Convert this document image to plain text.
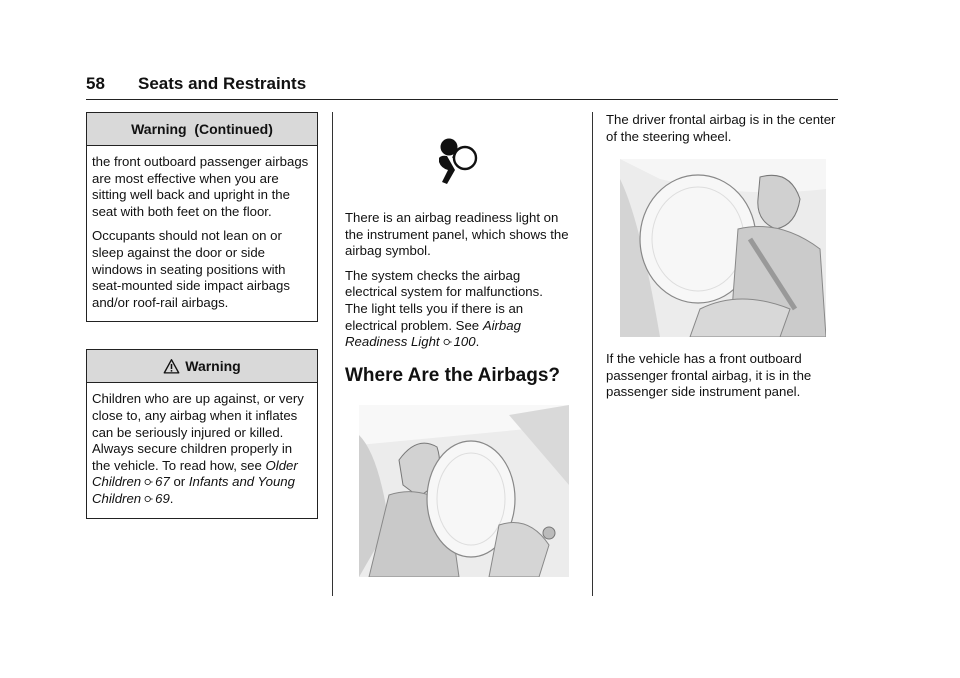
58 Seats and Restraints
Warning  (Continued)

the front outboard passenger airbags are most effective when you are sitting well back and upright in the seat with both feet on the floor.

Occupants should not lean on or sleep against the door or side windows in seating positions with seat-mounted side impact airbags and/or roof-rail airbags.

Warning

Children who are up against, or very close to, any airbag when it inflates can be seriously injured or killed. Always secure children properly in the vehicle. To read how, see Older Children 67 or Infants and Young Children 69.

There is an airbag readiness light on the instrument panel, which shows the airbag symbol.

The system checks the airbag electrical system for malfunctions. The light tells you if there is an electrical problem. See Airbag Readiness Light 100.

Where Are the Airbags?

The driver frontal airbag is in the center of the steering wheel.

If the vehicle has a front outboard passenger frontal airbag, it is in the passenger side instrument panel.
